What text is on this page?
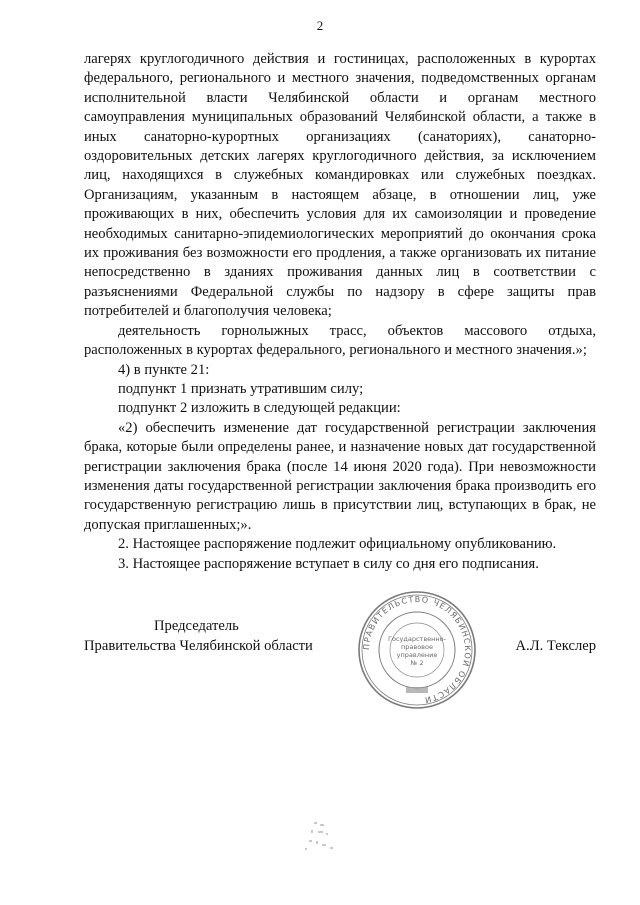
2

лагерях круглогодичного действия и гостиницах, расположенных в курортах федерального, регионального и местного значения, подведомственных органам исполнительной власти Челябинской области и органам местного самоуправления муниципальных образований Челябинской области, а также в иных санаторно-курортных организациях (санаториях), санаторно-оздоровительных детских лагерях круглогодичного действия, за исключением лиц, находящихся в служебных командировках или служебных поездках. Организациям, указанным в настоящем абзаце, в отношении лиц, уже проживающих в них, обеспечить условия для их самоизоляции и проведение необходимых санитарно-эпидемиологических мероприятий до окончания срока их проживания без возможности его продления, а также организовать их питание непосредственно в зданиях проживания данных лиц в соответствии с разъяснениями Федеральной службы по надзору в сфере защиты прав потребителей и благополучия человека;

деятельность горнолыжных трасс, объектов массового отдыха, расположенных в курортах федерального, регионального и местного значения.»;

4) в пункте 21:

подпункт 1 признать утратившим силу;

подпункт 2 изложить в следующей редакции:

«2) обеспечить изменение дат государственной регистрации заключения брака, которые были определены ранее, и назначение новых дат государственной регистрации заключения брака (после 14 июня 2020 года). При невозможности изменения даты государственной регистрации заключения брака производить его государственную регистрацию лишь в присутствии лиц, вступающих в брак, не допуская приглашенных;».

2. Настоящее распоряжение подлежит официальному опубликованию.

3. Настоящее распоряжение вступает в силу со дня его подписания.

Председатель
Правительства Челябинской области	А.Л. Текслер
ПРАВИТЕЛЬСТВО ЧЕЛЯБИНСКОЙ ОБЛАСТИ
Государственно-
правовое
управление
№ 2
